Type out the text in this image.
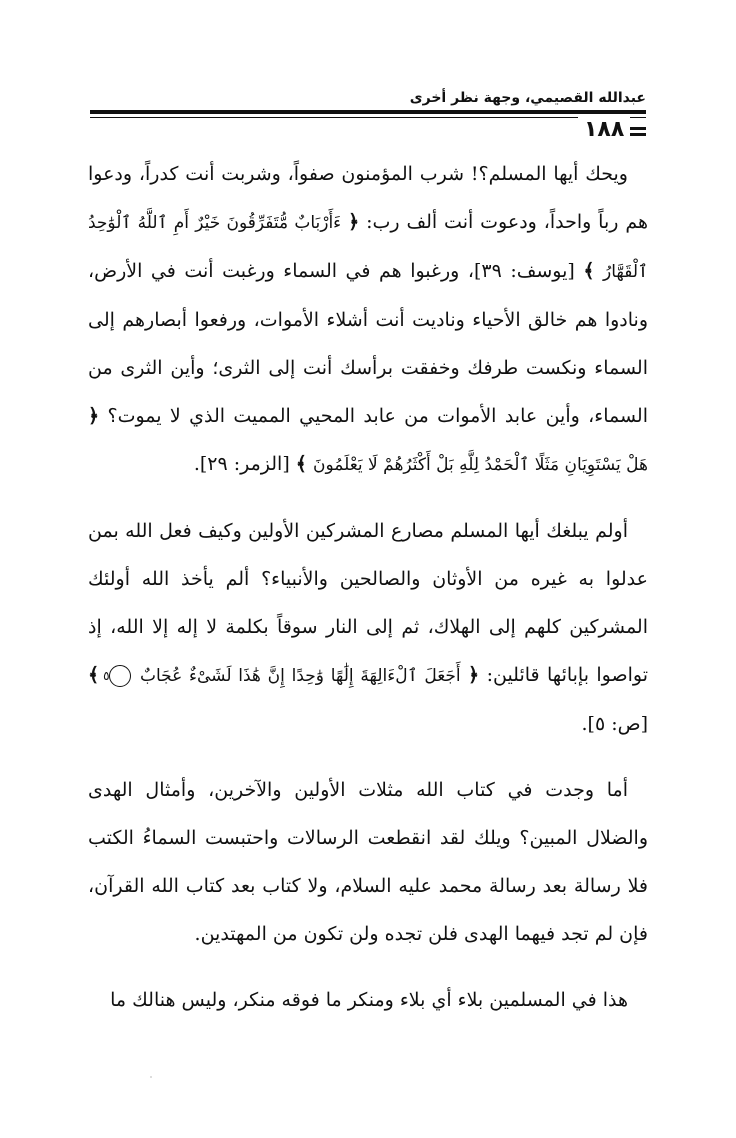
عبدالله القصيمي، وجهة نظر أخرى
١٨٨

ويحك أيها المسلم؟! شرب المؤمنون صفواً، وشربت أنت كدراً، ودعوا هم رباً واحداً، ودعوت أنت ألف رب: ﴿ ءَأَرْبَابٌ مُّتَفَرِّقُونَ خَيْرٌ أَمِ ٱللَّهُ ٱلْوَٰحِدُ ٱلْقَهَّارُ ﴾ [يوسف: ٣٩]، ورغبوا هم في السماء ورغبت أنت في الأرض، ونادوا هم خالق الأحياء وناديت أنت أشلاء الأموات، ورفعوا أبصارهم إلى السماء ونكست طرفك وخفقت برأسك أنت إلى الثرى؛ وأين الثرى من السماء، وأين عابد الأموات من عابد المحيي المميت الذي لا يموت؟ ﴿ هَلْ يَسْتَوِيَانِ مَثَلًا ٱلْحَمْدُ لِلَّهِ بَلْ أَكْثَرُهُمْ لَا يَعْلَمُونَ ﴾ [الزمر: ٢٩].

أولم يبلغك أيها المسلم مصارع المشركين الأولين وكيف فعل الله بمن عدلوا به غيره من الأوثان والصالحين والأنبياء؟ ألم يأخذ الله أولئك المشركين كلهم إلى الهلاك، ثم إلى النار سوقاً بكلمة لا إله إلا الله، إذ تواصوا بإبائها قائلين: ﴿ أَجَعَلَ ٱلْءَالِهَةَ إِلَٰهًا وَٰحِدًا إِنَّ هَٰذَا لَشَىْءٌ عُجَابٌ ٥ ﴾ [ص: ٥].

أما وجدت في كتاب الله مثلات الأولين والآخرين، وأمثال الهدى والضلال المبين؟ ويلك لقد انقطعت الرسالات واحتبست السماءُ الكتب فلا رسالة بعد رسالة محمد عليه السلام، ولا كتاب بعد كتاب الله القرآن، فإن لم تجد فيهما الهدى فلن تجده ولن تكون من المهتدين.

هذا في المسلمين بلاء أي بلاء ومنكر ما فوقه منكر، وليس هنالك ما
